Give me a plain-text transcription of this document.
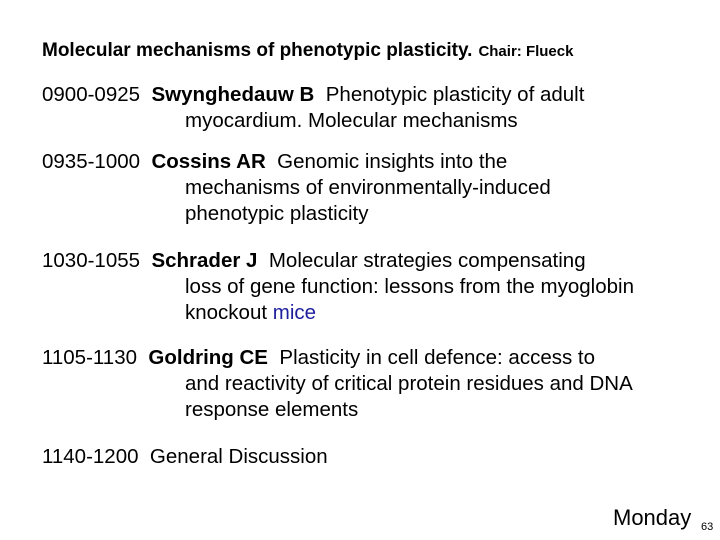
Molecular mechanisms of phenotypic plasticity. Chair: Flueck
0900-0925 Swynghedauw B Phenotypic plasticity of adult
myocardium. Molecular mechanisms
0935-1000 Cossins AR Genomic insights into the
mechanisms of environmentally-induced
phenotypic plasticity
1030-1055 Schrader J Molecular strategies compensating
loss of gene function: lessons from the myoglobin
knockout mice
1105-1130 Goldring CE Plasticity in cell defence: access to
and reactivity of critical protein residues and DNA
response elements
1140-1200 General Discussion
Monday 63
